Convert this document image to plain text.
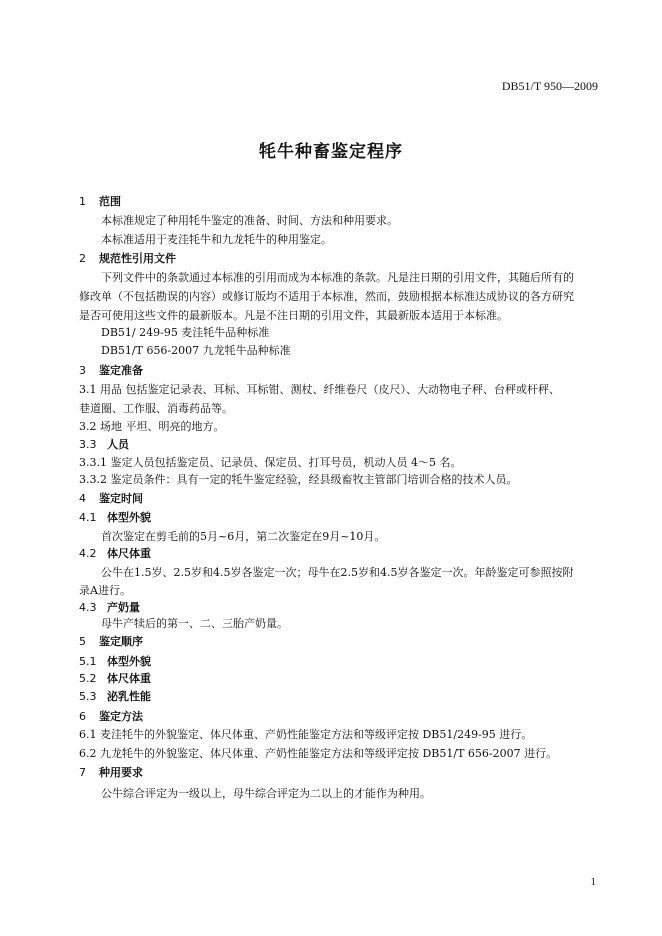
DB51/T 950—2009
牦牛种畜鉴定程序
1 范围
本标准规定了种用牦牛鉴定的准备、时间、方法和种用要求。
本标准适用于麦洼牦牛和九龙牦牛的种用鉴定。
2 规范性引用文件
下列文件中的条款通过本标准的引用而成为本标准的条款。凡是注日期的引用文件，其随后所有的
修改单（不包括勘误的内容）或修订版均不适用于本标准，然而，鼓励根据本标准达成协议的各方研究
是否可使用这些文件的最新版本。凡是不注日期的引用文件，其最新版本适用于本标准。
DB51/ 249-95 麦洼牦牛品种标准
DB51/T 656-2007 九龙牦牛品种标准
3 鉴定准备
3.1 用品 包括鉴定记录表、耳标、耳标钳、测杖、纤维卷尺（皮尺）、大动物电子秤、台秤或杆秤、
巷道圈、工作服、消毒药品等。
3.2 场地 平坦、明亮的地方。
3.3 人员
3.3.1 鉴定人员包括鉴定员、记录员、保定员、打耳号员，机动人员 4～5 名。
3.3.2 鉴定员条件：具有一定的牦牛鉴定经验，经县级畜牧主管部门培训合格的技术人员。
4 鉴定时间
4.1 体型外貌
首次鉴定在剪毛前的5月~6月，第二次鉴定在9月~10月。
4.2 体尺体重
公牛在1.5岁、2.5岁和4.5岁各鉴定一次；母牛在2.5岁和4.5岁各鉴定一次。年龄鉴定可参照按附
录A进行。
4.3 产奶量
母牛产犊后的第一、二、三胎产奶量。
5 鉴定顺序
5.1 体型外貌
5.2 体尺体重
5.3 泌乳性能
6 鉴定方法
6.1 麦洼牦牛的外貌鉴定、体尺体重、产奶性能鉴定方法和等级评定按 DB51/249-95 进行。
6.2 九龙牦牛的外貌鉴定、体尺体重、产奶性能鉴定方法和等级评定按 DB51/T 656-2007 进行。
7 种用要求
公牛综合评定为一级以上，母牛综合评定为二以上的才能作为种用。
1
